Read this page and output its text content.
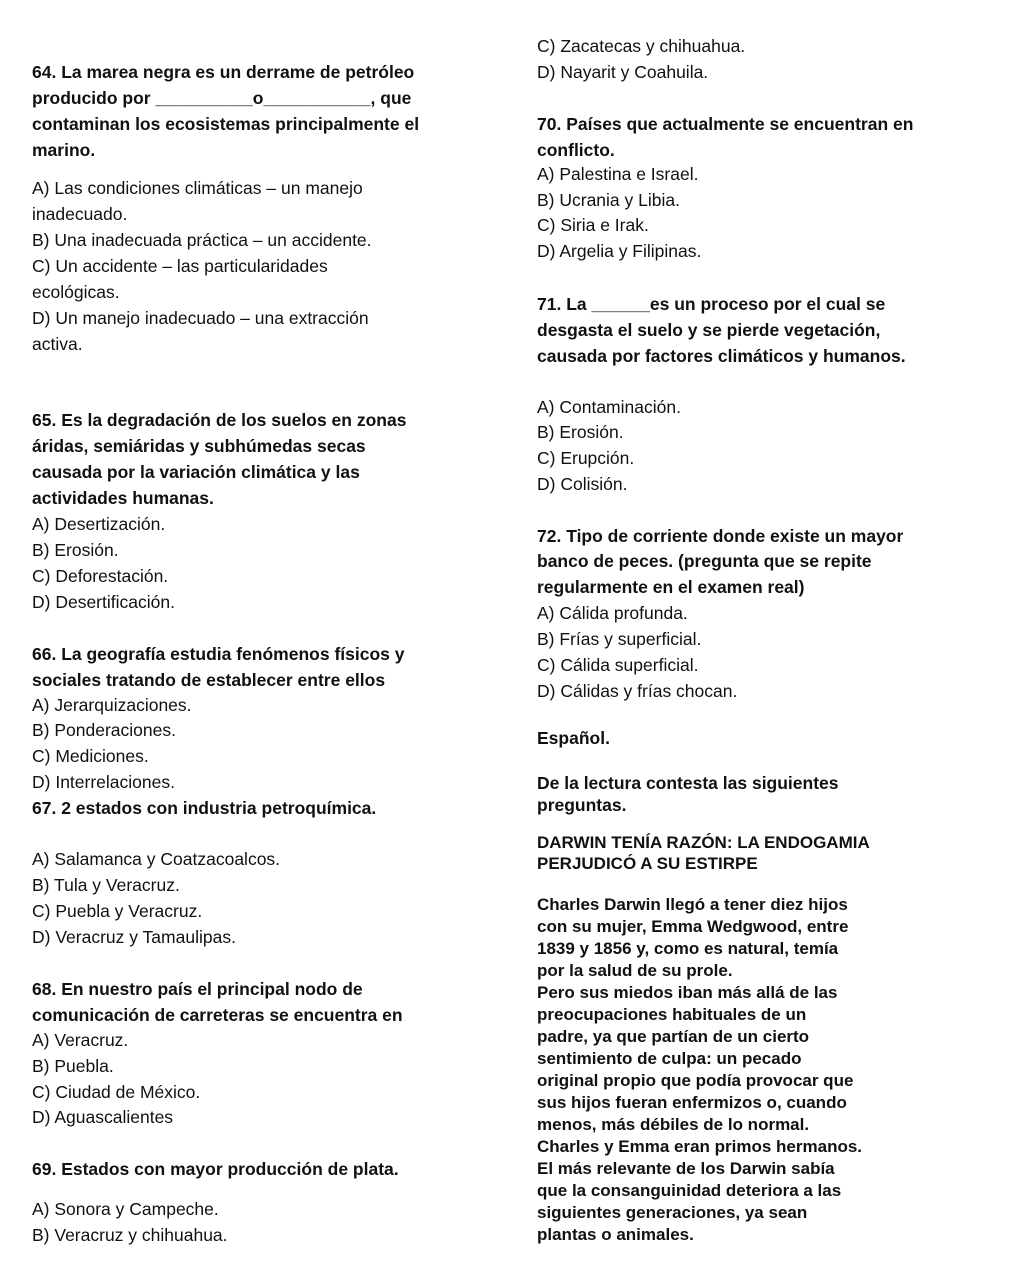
64. La marea negra es un derrame de petróleo
producido por __________o___________, que
contaminan los ecosistemas principalmente el
marino.
A) Las condiciones climáticas – un manejo
inadecuado.
B) Una inadecuada práctica – un accidente.
C) Un accidente – las particularidades
ecológicas.
D) Un manejo inadecuado – una extracción
activa.
65. Es la degradación de los suelos en zonas
áridas, semiáridas y subhúmedas secas
causada por la variación climática y las
actividades humanas.
A) Desertización.
B) Erosión.
C) Deforestación.
D) Desertificación.
66. La geografía estudia fenómenos físicos y
sociales tratando de establecer entre ellos
A) Jerarquizaciones.
B) Ponderaciones.
C) Mediciones.
D) Interrelaciones.
67. 2 estados con industria petroquímica.
A) Salamanca y Coatzacoalcos.
B) Tula y Veracruz.
C) Puebla y Veracruz.
D) Veracruz y Tamaulipas.
68. En nuestro país el principal nodo de
comunicación de carreteras se encuentra en
A) Veracruz.
B) Puebla.
C) Ciudad de México.
D) Aguascalientes
69. Estados con mayor producción de plata.
A) Sonora y Campeche.
B) Veracruz y chihuahua.
C) Zacatecas y chihuahua.
D) Nayarit y Coahuila.
70. Países que actualmente se encuentran en
conflicto.
A) Palestina e Israel.
B) Ucrania y Libia.
C) Siria e Irak.
D) Argelia y Filipinas.
71. La ______es un proceso por el cual se
desgasta el suelo y se pierde vegetación,
causada por factores climáticos y humanos.
A) Contaminación.
B) Erosión.
C) Erupción.
D) Colisión.
72. Tipo de corriente donde existe un mayor
banco de peces. (pregunta que se repite
regularmente en el examen real)
A) Cálida profunda.
B) Frías y superficial.
C) Cálida superficial.
D) Cálidas y frías chocan.
Español.
De la lectura contesta las siguientes
preguntas.
DARWIN TENÍA RAZÓN: LA ENDOGAMIA
PERJUDICÓ A SU ESTIRPE
Charles Darwin llegó a tener diez hijos
con su mujer, Emma Wedgwood, entre
1839 y 1856 y, como es natural, temía
por la salud de su prole.
Pero sus miedos iban más allá de las
preocupaciones habituales de un
padre, ya que partían de un cierto
sentimiento de culpa: un pecado
original propio que podía provocar que
sus hijos fueran enfermizos o, cuando
menos, más débiles de lo normal.
Charles y Emma eran primos hermanos.
El más relevante de los Darwin sabía
que la consanguinidad deteriora a las
siguientes generaciones, ya sean
plantas o animales.
